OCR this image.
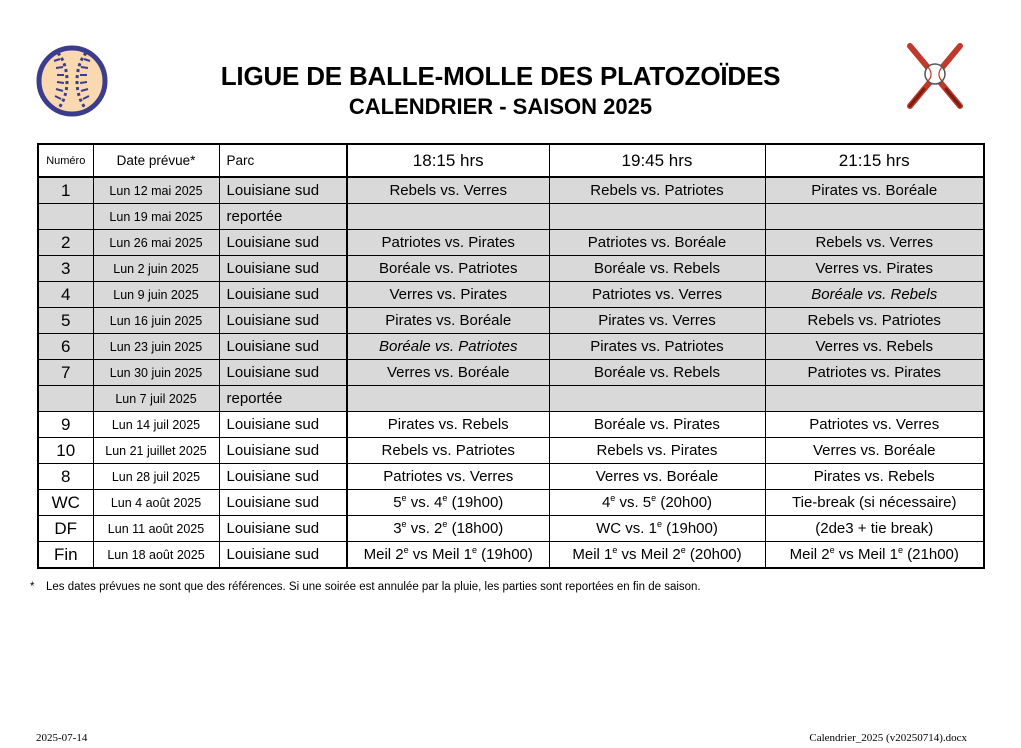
LIGUE DE BALLE-MOLLE DES PLATOZOÏDES
CALENDRIER - SAISON 2025
Numéro	Date prévue*	Parc	18:15 hrs	19:45 hrs	21:15 hrs
1	Lun 12 mai 2025	Louisiane sud	Rebels vs. Verres	Rebels vs. Patriotes	Pirates vs. Boréale
	Lun 19 mai 2025	reportée			
2	Lun 26 mai 2025	Louisiane sud	Patriotes vs. Pirates	Patriotes vs. Boréale	Rebels vs. Verres
3	Lun 2 juin 2025	Louisiane sud	Boréale vs. Patriotes	Boréale vs. Rebels	Verres vs. Pirates
4	Lun 9 juin 2025	Louisiane sud	Verres vs. Pirates	Patriotes vs. Verres	Boréale vs. Rebels
5	Lun 16 juin 2025	Louisiane sud	Pirates vs. Boréale	Pirates vs. Verres	Rebels vs. Patriotes
6	Lun 23 juin 2025	Louisiane sud	Boréale vs. Patriotes	Pirates vs. Patriotes	Verres vs. Rebels
7	Lun 30 juin 2025	Louisiane sud	Verres vs. Boréale	Boréale vs. Rebels	Patriotes vs. Pirates
	Lun 7 juil 2025	reportée			
9	Lun 14 juil 2025	Louisiane sud	Pirates vs. Rebels	Boréale vs. Pirates	Patriotes vs. Verres
10	Lun 21 juillet 2025	Louisiane sud	Rebels vs. Patriotes	Rebels vs. Pirates	Verres vs. Boréale
8	Lun 28 juil 2025	Louisiane sud	Patriotes vs. Verres	Verres vs. Boréale	Pirates vs. Rebels
WC	Lun 4 août 2025	Louisiane sud	5e vs. 4e (19h00)	4e vs. 5e (20h00)	Tie-break (si nécessaire)
DF	Lun 11 août 2025	Louisiane sud	3e vs. 2e (18h00)	WC vs. 1e (19h00)	(2de3 + tie break)
Fin	Lun 18 août 2025	Louisiane sud	Meil 2e vs Meil 1e (19h00)	Meil 1e vs Meil 2e (20h00)	Meil 2e vs Meil 1e (21h00)
* Les dates prévues ne sont que des références. Si une soirée est annulée par la pluie, les parties sont reportées en fin de saison.
2025-07-14	Calendrier_2025 (v20250714).docx
